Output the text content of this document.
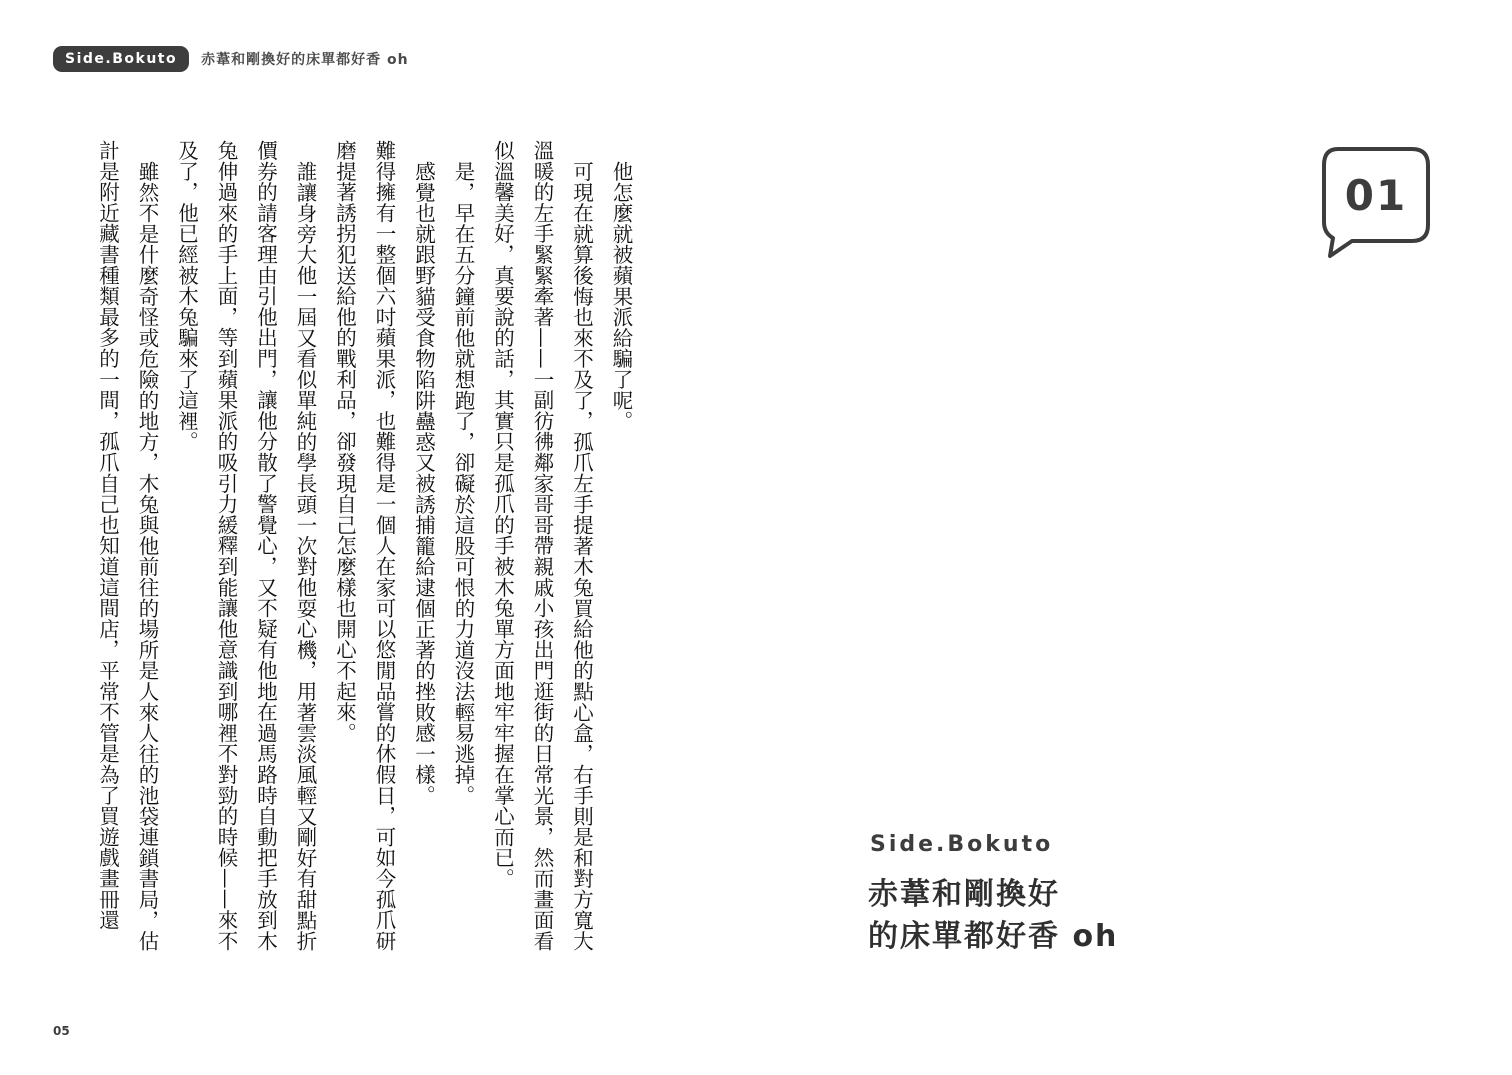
Side.Bokuto	赤葦和剛換好的床單都好香 oh

他怎麼就被蘋果派給騙了呢。

可現在就算後悔也來不及了，孤爪左手提著木兔買給他的點心盒，右手則是和對方寬大溫暖的左手緊緊牽著——一副彷彿鄰家哥哥帶親戚小孩出門逛街的日常光景，然而畫面看似溫馨美好，真要說的話，其實只是孤爪的手被木兔單方面地牢牢握在掌心而已。

是，早在五分鐘前他就想跑了，卻礙於這股可恨的力道沒法輕易逃掉。

感覺也就跟野貓受食物陷阱蠱惑又被誘捕籠給逮個正著的挫敗感一樣。

難得擁有一整個六吋蘋果派，也難得是一個人在家可以悠閒品嘗的休假日，可如今孤爪研磨提著誘拐犯送給他的戰利品，卻發現自己怎麼樣也開心不起來。

誰讓身旁大他一屆又看似單純的學長頭一次對他耍心機，用著雲淡風輕又剛好有甜點折價券的請客理由引他出門，讓他分散了警覺心，又不疑有他地在過馬路時自動把手放到木兔伸過來的手上面，等到蘋果派的吸引力緩釋到能讓他意識到哪裡不對勁的時候——來不及了，他已經被木兔騙來了這裡。

雖然不是什麼奇怪或危險的地方，木兔與他前往的場所是人來人往的池袋連鎖書局，估計是附近藏書種類最多的一間，孤爪自己也知道這間店，平常不管是為了買遊戲畫冊還	01
Side.Bokuto
赤葦和剛換好
的床單都好香 oh
05
